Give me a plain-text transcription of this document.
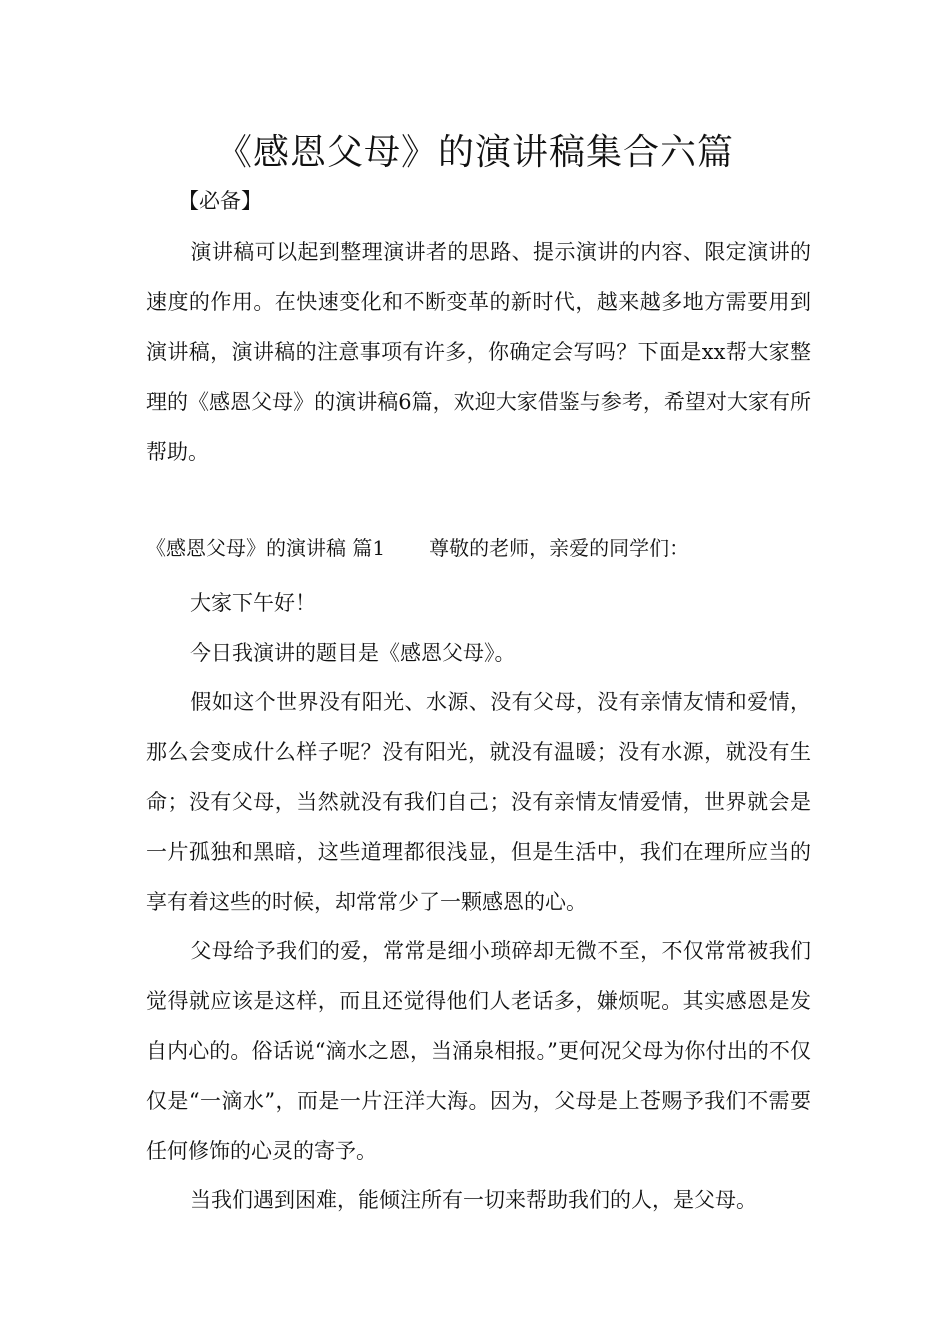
《感恩父母》的演讲稿集合六篇

【必备】

演讲稿可以起到整理演讲者的思路、提示演讲的内容、限定演讲的速度的作用。在快速变化和不断变革的新时代，越来越多地方需要用到演讲稿，演讲稿的注意事项有许多，你确定会写吗？下面是xx帮大家整理的《感恩父母》的演讲稿6篇，欢迎大家借鉴与参考，希望对大家有所帮助。

《感恩父母》的演讲稿 篇1 尊敬的老师，亲爱的同学们：

大家下午好！

今日我演讲的题目是《感恩父母》。

假如这个世界没有阳光、水源、没有父母，没有亲情友情和爱情，那么会变成什么样子呢？没有阳光，就没有温暖；没有水源，就没有生命；没有父母，当然就没有我们自己；没有亲情友情爱情，世界就会是一片孤独和黑暗，这些道理都很浅显，但是生活中，我们在理所应当的享有着这些的时候，却常常少了一颗感恩的心。

父母给予我们的爱，常常是细小琐碎却无微不至，不仅常常被我们觉得就应该是这样，而且还觉得他们人老话多，嫌烦呢。其实感恩是发自内心的。俗话说“滴水之恩，当涌泉相报。”更何况父母为你付出的不仅仅是“一滴水”，而是一片汪洋大海。因为，父母是上苍赐予我们不需要任何修饰的心灵的寄予。

当我们遇到困难，能倾注所有一切来帮助我们的人，是父母。
